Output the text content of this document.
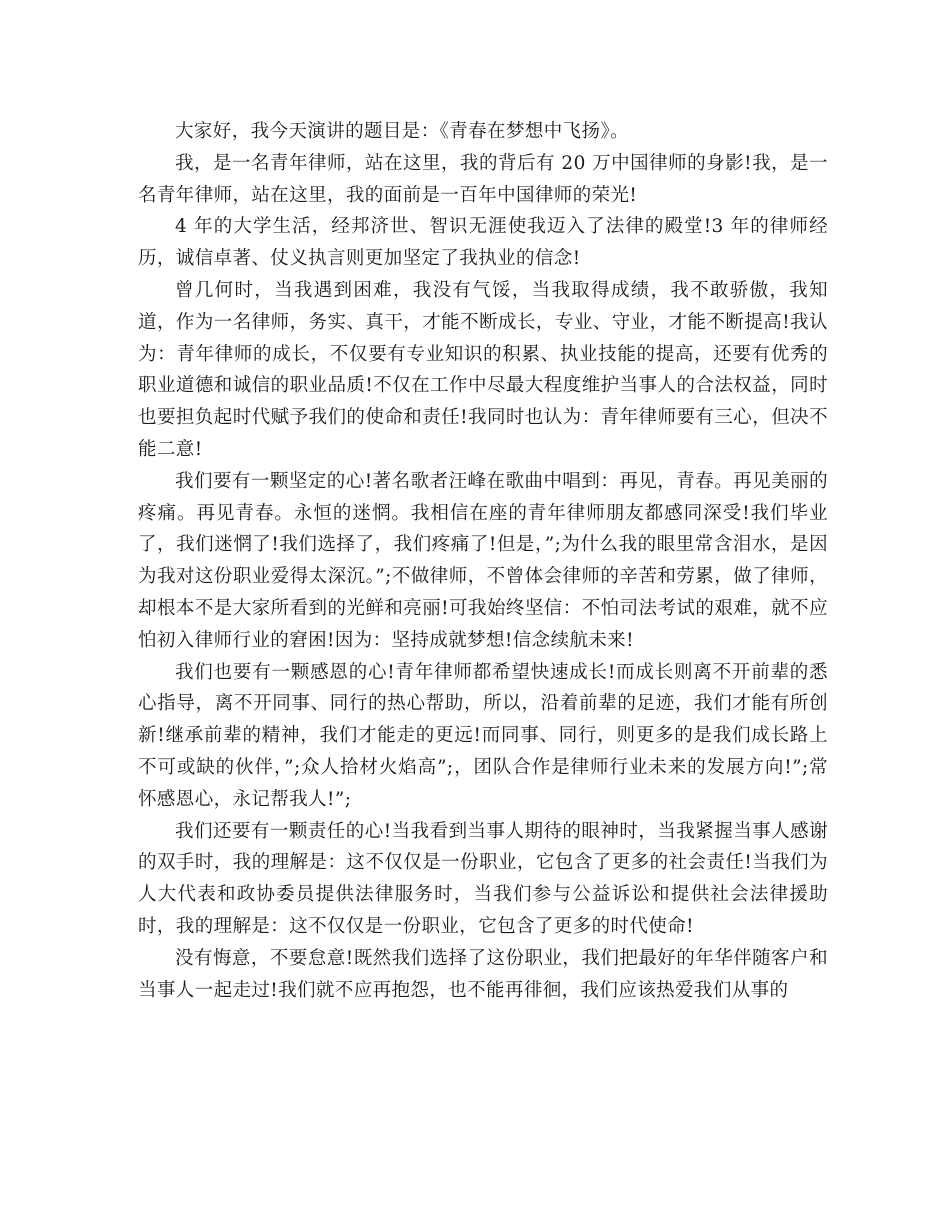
大家好，我今天演讲的题目是：《青春在梦想中飞扬》。

我，是一名青年律师，站在这里，我的背后有 20 万中国律师的身影!我，是一名青年律师，站在这里，我的面前是一百年中国律师的荣光!

4 年的大学生活，经邦济世、智识无涯使我迈入了法律的殿堂!3 年的律师经历，诚信卓著、仗义执言则更加坚定了我执业的信念!

曾几何时，当我遇到困难，我没有气馁，当我取得成绩，我不敢骄傲，我知道，作为一名律师，务实、真干，才能不断成长，专业、守业，才能不断提高!我认为：青年律师的成长，不仅要有专业知识的积累、执业技能的提高，还要有优秀的职业道德和诚信的职业品质!不仅在工作中尽最大程度维护当事人的合法权益，同时也要担负起时代赋予我们的使命和责任!我同时也认为：青年律师要有三心，但决不能二意!

我们要有一颗坚定的心!著名歌者汪峰在歌曲中唱到：再见，青春。再见美丽的疼痛。再见青春。永恒的迷惘。我相信在座的青年律师朋友都感同深受!我们毕业了，我们迷惘了!我们选择了，我们疼痛了!但是，”;为什么我的眼里常含泪水，是因为我对这份职业爱得太深沉。”;不做律师，不曾体会律师的辛苦和劳累，做了律师，却根本不是大家所看到的光鲜和亮丽!可我始终坚信：不怕司法考试的艰难，就不应怕初入律师行业的窘困!因为：坚持成就梦想!信念续航未来!

我们也要有一颗感恩的心!青年律师都希望快速成长!而成长则离不开前辈的悉心指导，离不开同事、同行的热心帮助，所以，沿着前辈的足迹，我们才能有所创新!继承前辈的精神，我们才能走的更远!而同事、同行，则更多的是我们成长路上不可或缺的伙伴，”;众人拾材火焰高”;，团队合作是律师行业未来的发展方向!”;常怀感恩心，永记帮我人!”;

我们还要有一颗责任的心!当我看到当事人期待的眼神时，当我紧握当事人感谢的双手时，我的理解是：这不仅仅是一份职业，它包含了更多的社会责任!当我们为人大代表和政协委员提供法律服务时，当我们参与公益诉讼和提供社会法律援助时，我的理解是：这不仅仅是一份职业，它包含了更多的时代使命!

没有悔意，不要怠意!既然我们选择了这份职业，我们把最好的年华伴随客户和当事人一起走过!我们就不应再抱怨，也不能再徘徊，我们应该热爱我们从事的
